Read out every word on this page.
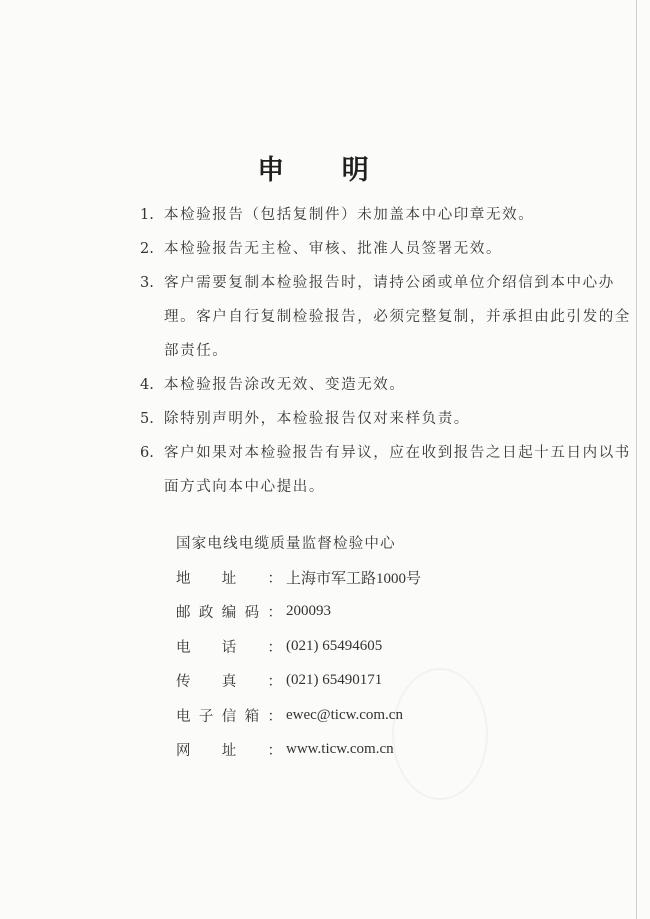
申 明
1. 本检验报告（包括复制件）未加盖本中心印章无效。
2. 本检验报告无主检、审核、批准人员签署无效。
3. 客户需要复制本检验报告时，请持公函或单位介绍信到本中心办理。客户自行复制检验报告，必须完整复制，并承担由此引发的全部责任。
4. 本检验报告涂改无效、变造无效。
5. 除特别声明外，本检验报告仅对来样负责。
6. 客户如果对本检验报告有异议，应在收到报告之日起十五日内以书面方式向本中心提出。
国家电线电缆质量监督检验中心
地 址 ： 上海市军工路1000号
邮 政 编 码 ： 200093
电 话 ： (021) 65494605
传 真 ： (021) 65490171
电 子 信 箱 ： ewec@ticw.com.cn
网 址 ： www.ticw.com.cn
